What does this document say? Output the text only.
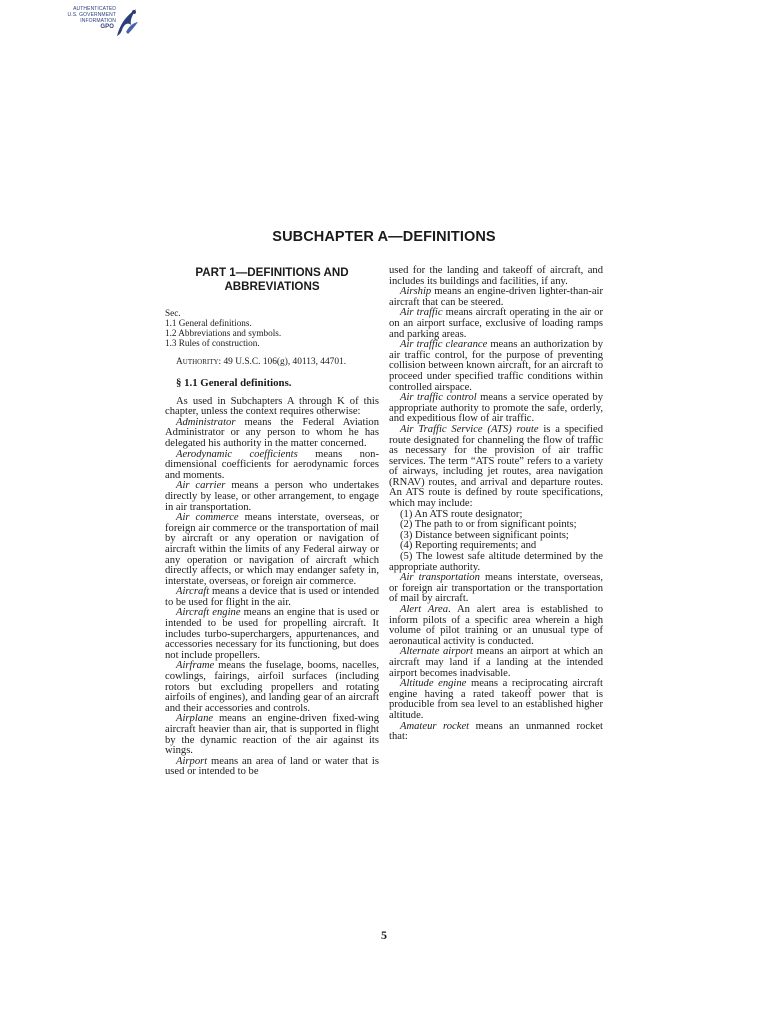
AUTHENTICATED
U.S. GOVERNMENT
INFORMATION
GPO
SUBCHAPTER A—DEFINITIONS
PART 1—DEFINITIONS AND
ABBREVIATIONS

Sec.

1.1 General definitions.

1.2 Abbreviations and symbols.

1.3 Rules of construction.

Authority: 49 U.S.C. 106(g), 40113, 44701.

§ 1.1 General definitions.

As used in Subchapters A through K of this chapter, unless the context requires otherwise:

Administrator means the Federal Aviation Administrator or any person to whom he has delegated his authority in the matter concerned.

Aerodynamic coefficients means non-dimensional coefficients for aerodynamic forces and moments.

Air carrier means a person who undertakes directly by lease, or other arrangement, to engage in air transportation.

Air commerce means interstate, overseas, or foreign air commerce or the transportation of mail by aircraft or any operation or navigation of aircraft within the limits of any Federal airway or any operation or navigation of aircraft which directly affects, or which may endanger safety in, interstate, overseas, or foreign air commerce.

Aircraft means a device that is used or intended to be used for flight in the air.

Aircraft engine means an engine that is used or intended to be used for propelling aircraft. It includes turbo-superchargers, appurtenances, and accessories necessary for its functioning, but does not include propellers.

Airframe means the fuselage, booms, nacelles, cowlings, fairings, airfoil surfaces (including rotors but excluding propellers and rotating airfoils of engines), and landing gear of an aircraft and their accessories and controls.

Airplane means an engine-driven fixed-wing aircraft heavier than air, that is supported in flight by the dynamic reaction of the air against its wings.

Airport means an area of land or water that is used or intended to be

used for the landing and takeoff of aircraft, and includes its buildings and facilities, if any.

Airship means an engine-driven lighter-than-air aircraft that can be steered.

Air traffic means aircraft operating in the air or on an airport surface, exclusive of loading ramps and parking areas.

Air traffic clearance means an authorization by air traffic control, for the purpose of preventing collision between known aircraft, for an aircraft to proceed under specified traffic conditions within controlled airspace.

Air traffic control means a service operated by appropriate authority to promote the safe, orderly, and expeditious flow of air traffic.

Air Traffic Service (ATS) route is a specified route designated for channeling the flow of traffic as necessary for the provision of air traffic services. The term “ATS route” refers to a variety of airways, including jet routes, area navigation (RNAV) routes, and arrival and departure routes. An ATS route is defined by route specifications, which may include:

(1) An ATS route designator;

(2) The path to or from significant points;

(3) Distance between significant points;

(4) Reporting requirements; and

(5) The lowest safe altitude determined by the appropriate authority.

Air transportation means interstate, overseas, or foreign air transportation or the transportation of mail by aircraft.

Alert Area. An alert area is established to inform pilots of a specific area wherein a high volume of pilot training or an unusual type of aeronautical activity is conducted.

Alternate airport means an airport at which an aircraft may land if a landing at the intended airport becomes inadvisable.

Altitude engine means a reciprocating aircraft engine having a rated takeoff power that is producible from sea level to an established higher altitude.

Amateur rocket means an unmanned rocket that:

5
